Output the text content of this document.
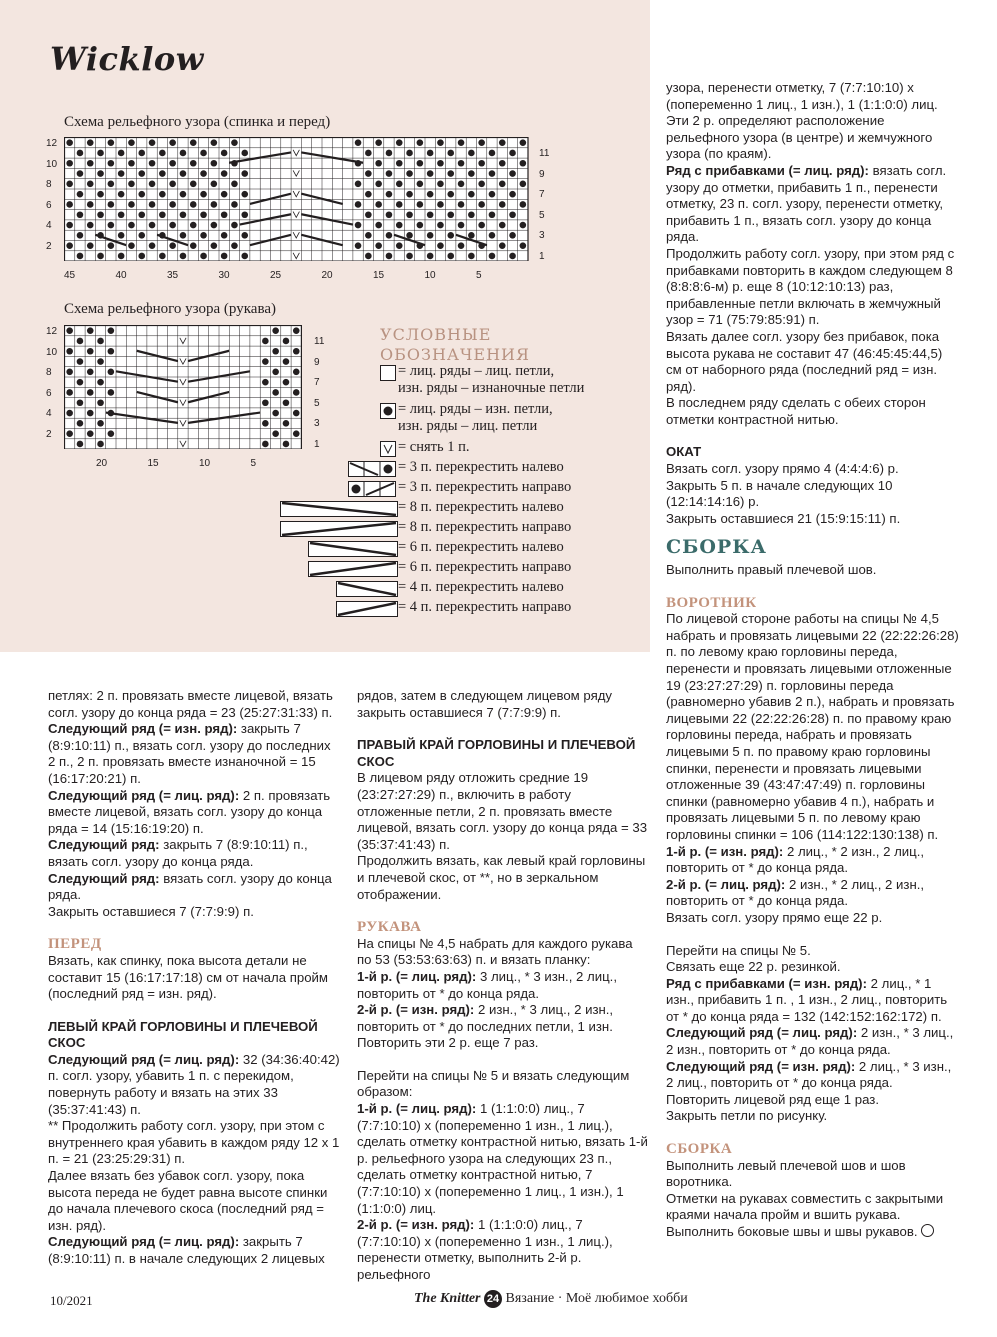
Wicklow
Схема рельефного узора (спинка и перед)
12
10
8
6
4
2
11
9
7
5
3
1
45	40	35	30	25	20	15	10	5
Схема рельефного узора (рукава)
12
10
8
6
4
2
11
9
7
5
3
1
20	15	10	5
УСЛОВНЫЕ
ОБОЗНАЧЕНИЯ
= лиц. ряды – лиц. петли,
изн. ряды – изнаночные петли
= лиц. ряды – изн. петли,
изн. ряды – лиц. петли
= снять 1 п.
= 3 п. перекрестить налево
= 3 п. перекрестить направо
= 8 п. перекрестить налево
= 8 п. перекрестить направо
= 6 п. перекрестить налево
= 6 п. перекрестить направо
= 4 п. перекрестить налево
= 4 п. перекрестить направо

петлях: 2 п. провязать вместе лицевой, вязать согл. узору до конца ряда = 23 (25:27:31:33) п.

Следующий ряд (= изн. ряд): закрыть 7 (8:9:10:11) п., вязать согл. узору до последних 2 п., 2 п. провязать вместе изнаночной = 15 (16:17:20:21) п.

Следующий ряд (= лиц. ряд): 2 п. провязать вместе лицевой, вязать согл. узору до конца ряда = 14 (15:16:19:20) п.

Следующий ряд: закрыть 7 (8:9:10:11) п., вязать согл. узору до конца ряда.

Следующий ряд: вязать согл. узору до конца ряда.

Закрыть оставшиеся 7 (7:7:9:9) п.

ПЕРЕД

Вязать, как спинку, пока высота детали не составит 15 (16:17:17:18) см от начала пройм (последний ряд = изн. ряд).

ЛЕВЫЙ КРАЙ ГОРЛОВИНЫ И ПЛЕЧЕВОЙ СКОС

Следующий ряд (= лиц. ряд): 32 (34:36:40:42) п. согл. узору, убавить 1 п. с перекидом, повернуть работу и вязать на этих 33 (35:37:41:43) п.

** Продолжить работу согл. узору, при этом с внутреннего края убавить в каждом ряду 12 х 1 п. = 21 (23:25:29:31) п.

Далее вязать без убавок согл. узору, пока высота переда не будет равна высоте спинки до начала плечевого скоса (последний ряд = изн. ряд).

Следующий ряд (= лиц. ряд): закрыть 7 (8:9:10:11) п. в начале следующих 2 лицевых

рядов, затем в следующем лицевом ряду закрыть оставшиеся 7 (7:7:9:9) п.

ПРАВЫЙ КРАЙ ГОРЛОВИНЫ И ПЛЕЧЕВОЙ СКОС

В лицевом ряду отложить средние 19 (23:27:27:29) п., включить в работу отложенные петли, 2 п. провязать вместе лицевой, вязать согл. узору до конца ряда = 33 (35:37:41:43) п.

Продолжить вязать, как левый край горловины и плечевой скос, от **, но в зеркальном отображении.

РУКАВА

На спицы № 4,5 набрать для каждого рукава по 53 (53:53:63:63) п. и вязать планку:

1-й р. (= лиц. ряд): 3 лиц., * 3 изн., 2 лиц., повторить от * до конца ряда.

2-й р. (= изн. ряд): 2 изн., * 3 лиц., 2 изн., повторить от * до последних петли, 1 изн. Повторить эти 2 р. еще 7 раз.

Перейти на спицы № 5 и вязать следующим образом:

1-й р. (= лиц. ряд): 1 (1:1:0:0) лиц., 7 (7:7:10:10) х (попеременно 1 изн., 1 лиц.), сделать отметку контрастной нитью, вязать 1-й р. рельефного узора на следующих 23 п., сделать отметку контрастной нитью, 7 (7:7:10:10) х (попеременно 1 лиц., 1 изн.), 1 (1:1:0:0) лиц.

2-й р. (= изн. ряд): 1 (1:1:0:0) лиц., 7 (7:7:10:10) х (попеременно 1 изн., 1 лиц.), перенести отметку, выполнить 2-й р. рельефного

узора, перенести отметку, 7 (7:7:10:10) х (попеременно 1 лиц., 1 изн.), 1 (1:1:0:0) лиц. Эти 2 р. определяют расположение рельефного узора (в центре) и жемчужного узора (по краям).

Ряд с прибавками (= лиц. ряд): вязать согл. узору до отметки, прибавить 1 п., перенести отметку, 23 п. согл. узору, перенести отметку, прибавить 1 п., вязать согл. узору до конца ряда.

Продолжить работу согл. узору, при этом ряд с прибавками повторить в каждом следующем 8 (8:8:8:6-м) р. еще 8 (10:12:10:13) раз, прибавленные петли включать в жемчужный узор = 71 (75:79:85:91) п.

Вязать далее согл. узору без прибавок, пока высота рукава не составит 47 (46:45:45:44,5) см от наборного ряда (последний ряд = изн. ряд).

В последнем ряду сделать с обеих сторон отметки контрастной нитью.

ОКАТ

Вязать согл. узору прямо 4 (4:4:4:6) р.

Закрыть 5 п. в начале следующих 10 (12:14:14:16) р.

Закрыть оставшиеся 21 (15:9:15:11) п.

СБОРКА

Выполнить правый плечевой шов.

ВОРОТНИК

По лицевой стороне работы на спицы № 4,5 набрать и провязать лицевыми 22 (22:22:26:28) п. по левому краю горловины переда, перенести и провязать лицевыми отложенные 19 (23:27:27:29) п. горловины переда (равномерно убавив 2 п.), набрать и провязать лицевыми 22 (22:22:26:28) п. по правому краю горловины переда, набрать и провязать лицевыми 5 п. по правому краю горловины спинки, перенести и провязать лицевыми отложенные 39 (43:47:47:49) п. горловины спинки (равномерно убавив 4 п.), набрать и провязать лицевыми 5 п. по левому краю горловины спинки = 106 (114:122:130:138) п.

1-й р. (= изн. ряд): 2 лиц., * 2 изн., 2 лиц., повторить от * до конца ряда.

2-й р. (= лиц. ряд): 2 изн., * 2 лиц., 2 изн., повторить от * до конца ряда.

Вязать согл. узору прямо еще 22 р.

Перейти на спицы № 5.

Связать еще 22 р. резинкой.

Ряд с прибавками (= изн. ряд): 2 лиц., * 1 изн., прибавить 1 п. , 1 изн., 2 лиц., повторить от * до конца ряда = 132 (142:152:162:172) п.

Следующий ряд (= лиц. ряд): 2 изн., * 3 лиц., 2 изн., повторить от * до конца ряда.

Следующий ряд (= изн. ряд): 2 лиц., * 3 изн., 2 лиц., повторить от * до конца ряда.

Повторить лицевой ряд еще 1 раз.

Закрыть петли по рисунку.

СБОРКА

Выполнить левый плечевой шов и шов воротника.

Отметки на рукавах совместить с закрытыми краями начала пройм и вшить рукава. Выполнить боковые швы и швы рукавов.

10/2021	The Knitter 24 Вязание · Моё любимое хобби
